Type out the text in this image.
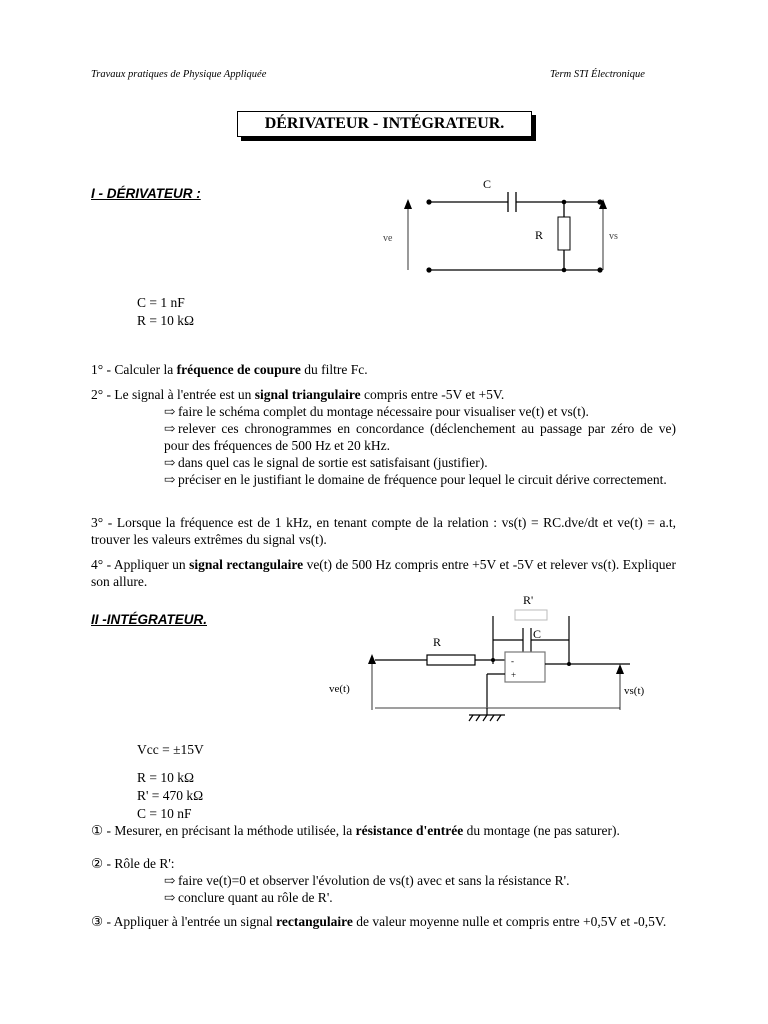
Travaux pratiques de Physique Appliquée	Term STI Électronique
DÉRIVATEUR - INTÉGRATEUR.
I - DÉRIVATEUR :
C
R
ve	vs
C = 1 nF
R = 10 kΩ
1° - Calculer la fréquence de coupure du filtre Fc.
2° - Le signal à l'entrée est un signal triangulaire compris entre -5V et +5V.
⇨ faire le schéma complet du montage nécessaire pour visualiser ve(t) et vs(t).
⇨ relever ces chronogrammes en concordance (déclenchement au passage par zéro de ve) pour des fréquences de 500 Hz et 20 kHz.
⇨ dans quel cas le signal de sortie est satisfaisant (justifier).
⇨ préciser en le justifiant le domaine de fréquence pour lequel le circuit dérive correctement.
3° - Lorsque la fréquence est de 1 kHz, en tenant compte de la relation : vs(t) = RC.dve/dt et ve(t) = a.t, trouver les valeurs extrêmes du signal vs(t).
4° - Appliquer un signal rectangulaire ve(t) de 500 Hz compris entre +5V et -5V et relever vs(t). Expliquer son allure.
II -INTÉGRATEUR.
R'
R
C
-
+
ve(t)	vs(t)
Vcc = ±15V
R = 10 kΩ
R' = 470 kΩ
C = 10 nF
① - Mesurer, en précisant la méthode utilisée, la résistance d'entrée du montage (ne pas saturer).
② - Rôle de R':
⇨ faire ve(t)=0 et observer l'évolution de vs(t) avec et sans la résistance R'.
⇨ conclure quant au rôle de R'.
③ - Appliquer à l'entrée un signal rectangulaire de valeur moyenne nulle et compris entre +0,5V et -0,5V.
